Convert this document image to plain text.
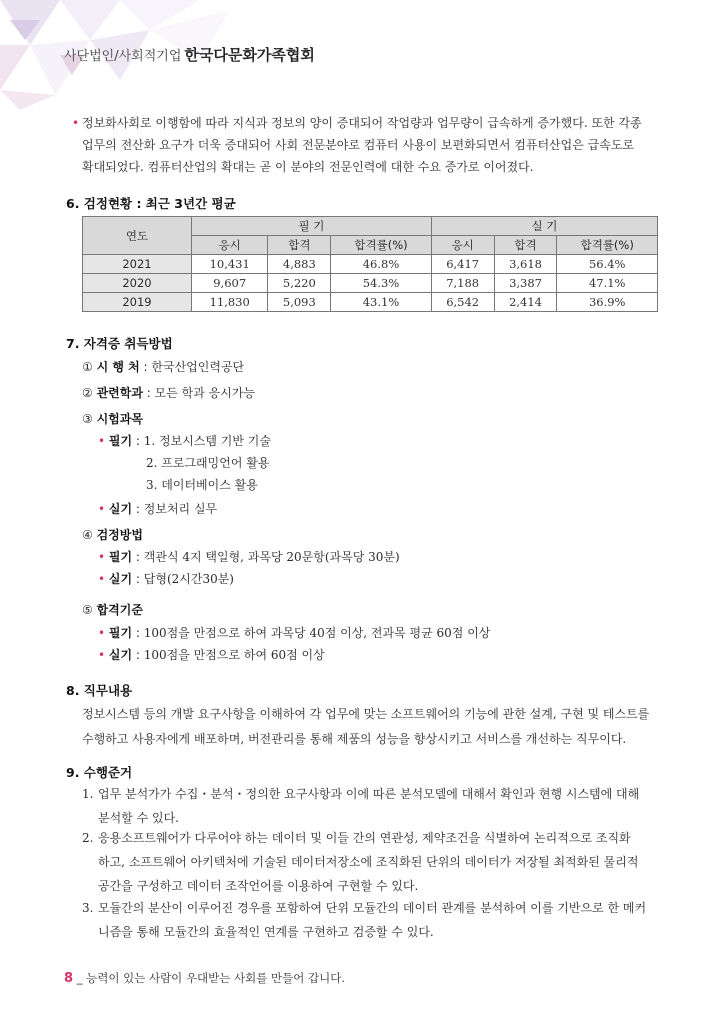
사단법인/사회적기업 한국다문화가족협회
• 정보화사회로 이행함에 따라 지식과 정보의 양이 증대되어 작업량과 업무량이 급속하게 증가했다. 또한 각종

업무의 전산화 요구가 더욱 증대되어 사회 전문분야로 컴퓨터 사용이 보편화되면서 컴퓨터산업은 급속도로

확대되었다. 컴퓨터산업의 확대는 곧 이 분야의 전문인력에 대한 수요 증가로 이어졌다.

6. 검정현황 : 최근 3년간 평균
연도	필 기			실 기		
	응시	합격	합격률(%)	응시	합격	합격률(%)
2021	10,431	4,883	46.8%	6,417	3,618	56.4%
2020	9,607	5,220	54.3%	7,188	3,387	47.1%
2019	11,830	5,093	43.1%	6,542	2,414	36.9%
7. 자격증 취득방법
① 시 행 처 : 한국산업인력공단
② 관련학과 : 모든 학과 응시가능
③ 시험과목
• 필기 : 1. 정보시스템 기반 기술
2. 프로그래밍언어 활용
3. 데이터베이스 활용
• 실기 : 정보처리 실무
④ 검정방법
• 필기 : 객관식 4지 택일형, 과목당 20문항(과목당 30분)
• 실기 : 답형(2시간30분)
⑤ 합격기준
• 필기 : 100점을 만점으로 하여 과목당 40점 이상, 전과목 평균 60점 이상
• 실기 : 100점을 만점으로 하여 60점 이상
8. 직무내용

정보시스템 등의 개발 요구사항을 이해하여 각 업무에 맞는 소프트웨어의 기능에 관한 설계, 구현 및 테스트를

수행하고 사용자에게 배포하며, 버전관리를 통해 제품의 성능을 향상시키고 서비스를 개선하는 직무이다.

9. 수행준거
1. 업무 분석가가 수집・분석・정의한 요구사항과 이에 따른 분석모델에 대해서 확인과 현행 시스템에 대해
분석할 수 있다.
2. 응용소프트웨어가 다루어야 하는 데이터 및 이들 간의 연관성, 제약조건을 식별하여 논리적으로 조직화
하고, 소프트웨어 아키텍처에 기술된 데이터저장소에 조직화된 단위의 데이터가 저장될 최적화된 물리적
공간을 구성하고 데이터 조작언어를 이용하여 구현할 수 있다.
3. 모듈간의 분산이 이루어진 경우를 포함하여 단위 모듈간의 데이터 관계를 분석하여 이를 기반으로 한 메커
니즘을 통해 모듈간의 효율적인 연계를 구현하고 검증할 수 있다.
8 _ 능력이 있는 사람이 우대받는 사회를 만들어 갑니다.
